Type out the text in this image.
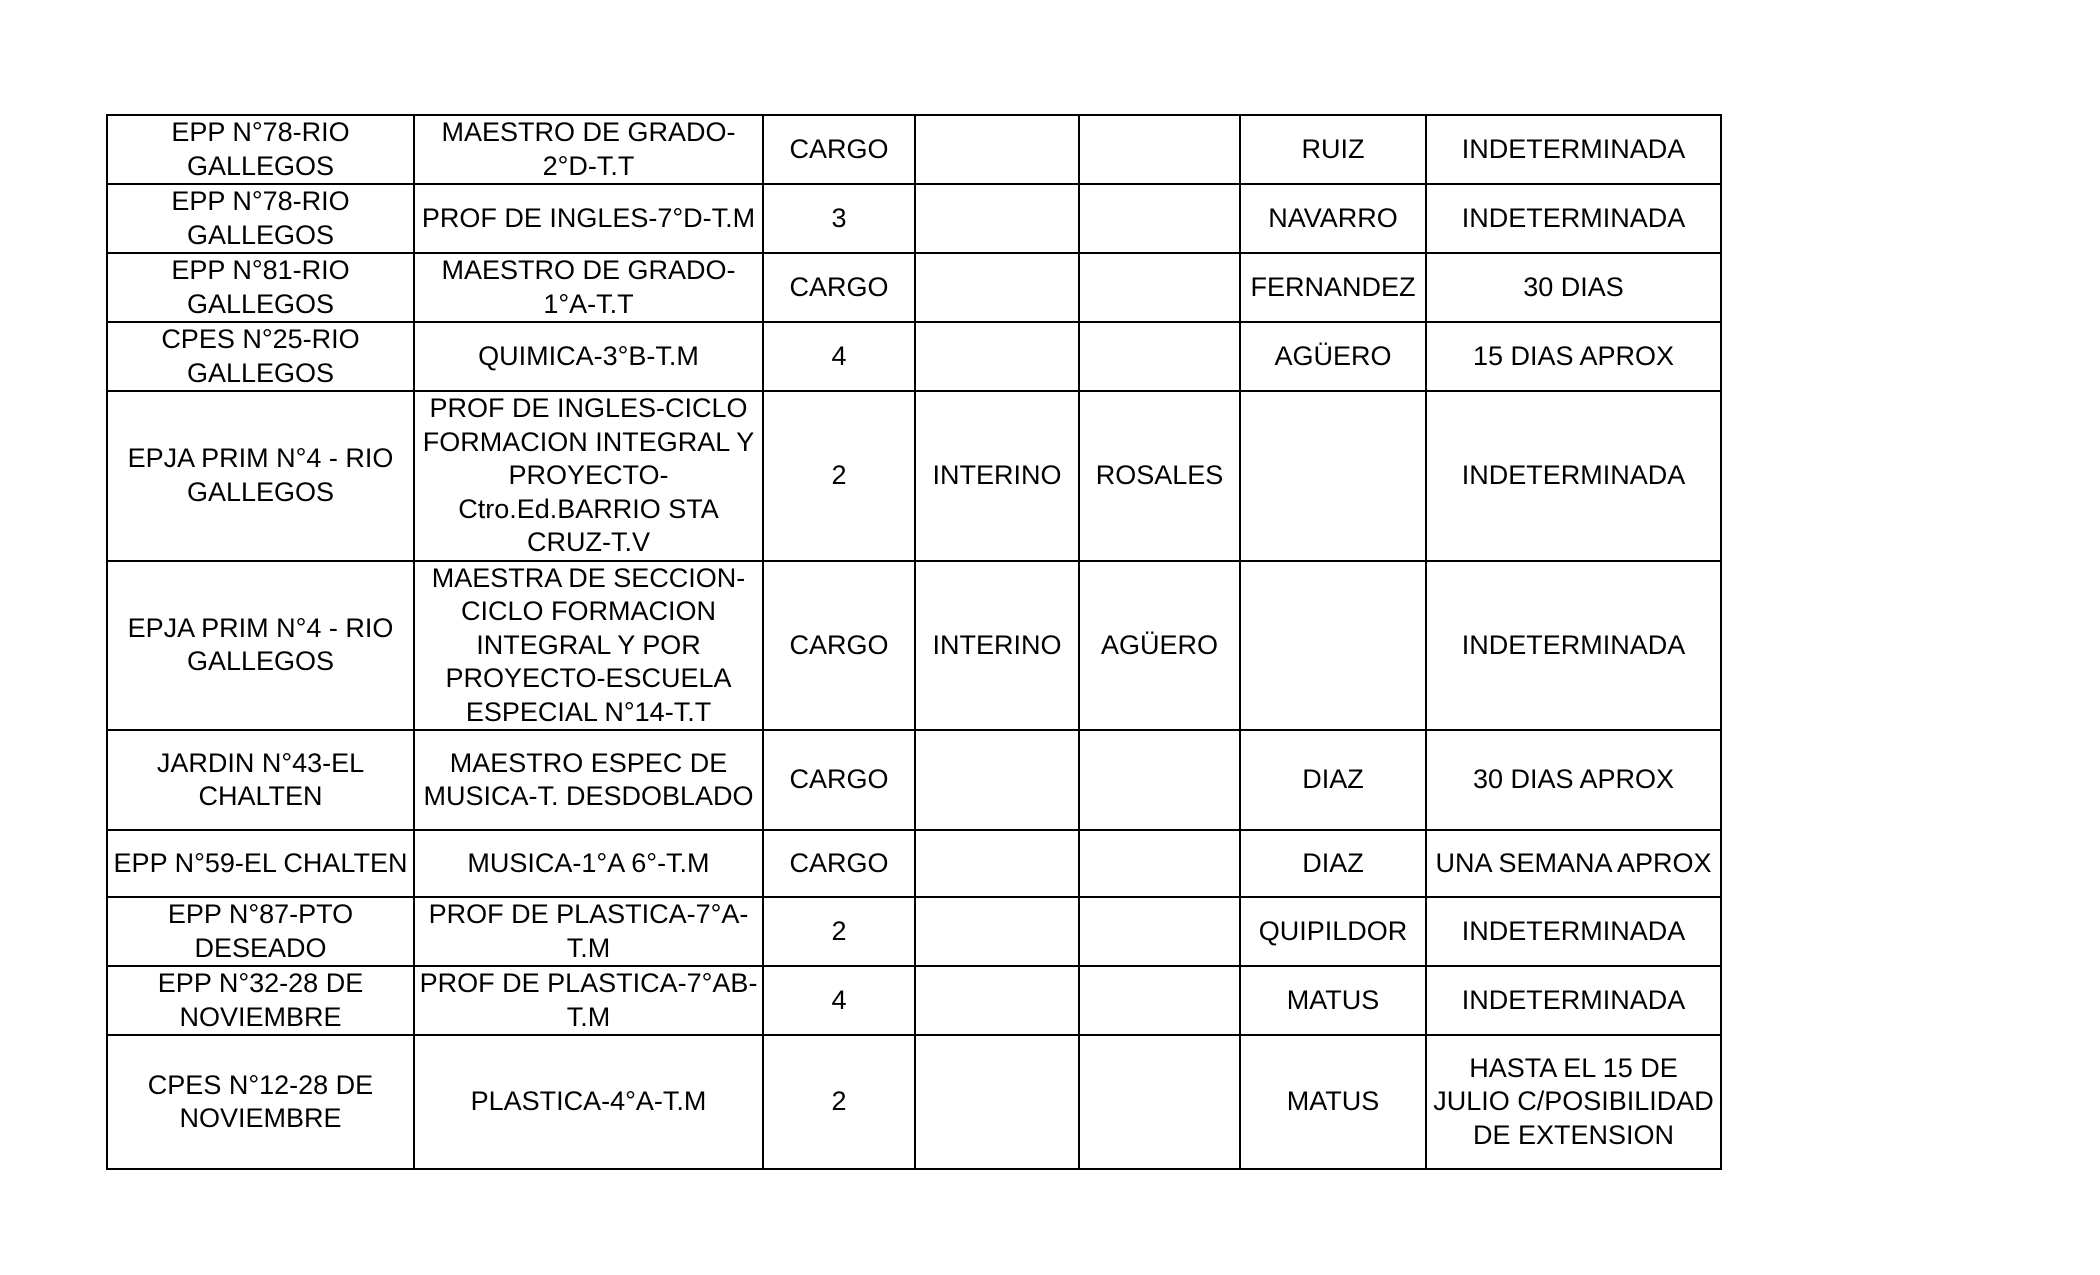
EPP N°78-RIO GALLEGOS	MAESTRO DE GRADO-2°D-T.T	CARGO			RUIZ	INDETERMINADA
EPP N°78-RIO GALLEGOS	PROF DE INGLES-7°D-T.M	3			NAVARRO	INDETERMINADA
EPP N°81-RIO GALLEGOS	MAESTRO DE GRADO-1°A-T.T	CARGO			FERNANDEZ	30 DIAS
CPES N°25-RIO GALLEGOS	QUIMICA-3°B-T.M	4			AGÜERO	15 DIAS APROX
EPJA PRIM N°4 - RIO GALLEGOS	PROF DE INGLES-CICLO FORMACION INTEGRAL Y PROYECTO-Ctro.Ed.BARRIO STA CRUZ-T.V	2	INTERINO	ROSALES		INDETERMINADA
EPJA PRIM N°4 - RIO GALLEGOS	MAESTRA DE SECCION-CICLO FORMACION INTEGRAL Y POR PROYECTO-ESCUELA ESPECIAL N°14-T.T	CARGO	INTERINO	AGÜERO		INDETERMINADA
JARDIN N°43-EL CHALTEN	MAESTRO ESPEC DE MUSICA-T. DESDOBLADO	CARGO			DIAZ	30 DIAS APROX
EPP N°59-EL CHALTEN	MUSICA-1°A 6°-T.M	CARGO			DIAZ	UNA SEMANA APROX
EPP N°87-PTO DESEADO	PROF DE PLASTICA-7°A-T.M	2			QUIPILDOR	INDETERMINADA
EPP N°32-28 DE NOVIEMBRE	PROF DE PLASTICA-7°AB-T.M	4			MATUS	INDETERMINADA
CPES N°12-28 DE NOVIEMBRE	PLASTICA-4°A-T.M	2			MATUS	HASTA EL 15 DE JULIO C/POSIBILIDAD DE EXTENSION
